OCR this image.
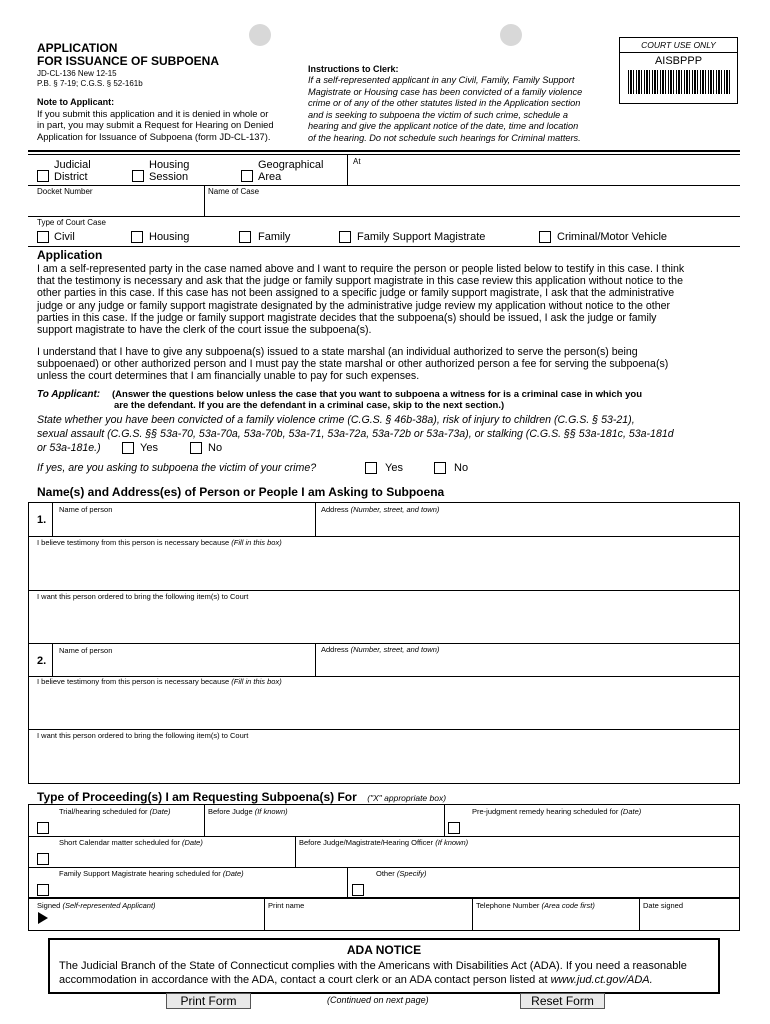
APPLICATION
FOR ISSUANCE OF SUBPOENA
JD-CL-136 New 12-15
P.B. § 7-19; C.G.S. § 52-161b
Note to Applicant:
If you submit this application and it is denied in whole or
in part, you may submit a Request for Hearing on Denied
Application for Issuance of Subpoena (form JD-CL-137).
Instructions to Clerk:
If a self-represented applicant in any Civil, Family, Family Support
Magistrate or Housing case has been convicted of a family violence
crime or of any of the other statutes listed in the Application section
and is seeking to subpoena the victim of such crime, schedule a
hearing and give the applicant notice of the date, time and location
of the hearing. Do not schedule such hearings for Criminal matters.
COURT USE ONLY
AISBPPP
Judicial
District
Housing
Session
Geographical
Area
At
Docket Number	Name of Case
Type of Court Case
Civil	Housing	Family	Family Support Magistrate	Criminal/Motor Vehicle
Application
I am a self-represented party in the case named above and I want to require the person or people listed below to testify in this case. I think
that the testimony is necessary and ask that the judge or family support magistrate in this case review this application without notice to the
other parties in this case. If this case has not been assigned to a specific judge or family support magistrate, I ask that the administrative
judge or any judge or family support magistrate designated by the administrative judge review my application without notice to the other
parties in this case. If the judge or family support magistrate decides that the subpoena(s) should be issued, I ask the judge or family
support magistrate to have the clerk of the court issue the subpoena(s).
I understand that I have to give any subpoena(s) issued to a state marshal (an individual authorized to serve the person(s) being
subpoenaed) or other authorized person and I must pay the state marshal or other authorized person a fee for serving the subpoena(s)
unless the court determines that I am financially unable to pay for such expenses.
To Applicant: (Answer the questions below unless the case that you want to subpoena a witness for is a criminal case in which you
are the defendant. If you are the defendant in a criminal case, skip to the next section.)
State whether you have been convicted of a family violence crime (C.G.S. § 46b-38a), risk of injury to children (C.G.S. § 53-21),
sexual assault (C.G.S. §§ 53a-70, 53a-70a, 53a-70b, 53a-71, 53a-72a, 53a-72b or 53a-73a), or stalking (C.G.S. §§ 53a-181c, 53a-181d
or 53a-181e.)	Yes	No
If yes, are you asking to subpoena the victim of your crime?	Yes	No
Name(s) and Address(es) of Person or People I am Asking to Subpoena
1.
Name of person	Address (Number, street, and town)
I believe testimony from this person is necessary because (Fill in this box)
I want this person ordered to bring the following item(s) to Court
2.
Name of person	Address (Number, street, and town)
I believe testimony from this person is necessary because (Fill in this box)
I want this person ordered to bring the following item(s) to Court
Type of Proceeding(s) I am Requesting Subpoena(s) For ("X" appropriate box)
Trial/hearing scheduled for (Date)	Before Judge (If known)	Pre-judgment remedy hearing scheduled for (Date)
Short Calendar matter scheduled for (Date)	Before Judge/Magistrate/Hearing Officer (If known)
Family Support Magistrate hearing scheduled for (Date)	Other (Specify)
Signed (Self-represented Applicant)	Print name	Telephone Number (Area code first)	Date signed
ADA NOTICE
The Judicial Branch of the State of Connecticut complies with the Americans with Disabilities Act (ADA). If you need a reasonable
accommodation in accordance with the ADA, contact a court clerk or an ADA contact person listed at www.jud.ct.gov/ADA.
Print Form	(Continued on next page)	Reset Form
